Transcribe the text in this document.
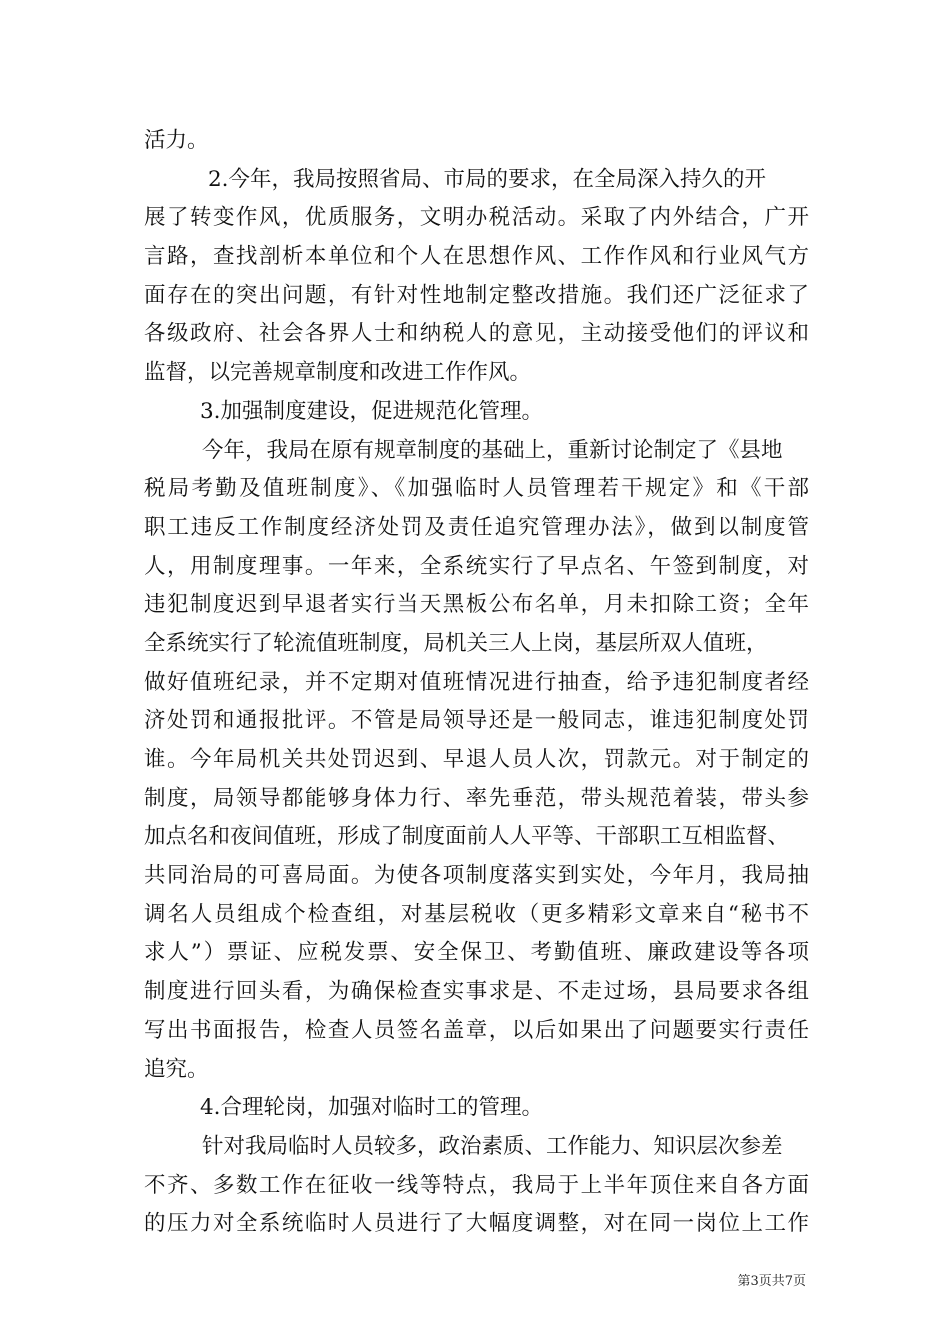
活力。
2.今年，我局按照省局、市局的要求，在全局深入持久的开
展了转变作风，优质服务，文明办税活动。采取了内外结合，广开
言路，查找剖析本单位和个人在思想作风、工作作风和行业风气方
面存在的突出问题，有针对性地制定整改措施。我们还广泛征求了
各级政府、社会各界人士和纳税人的意见，主动接受他们的评议和
监督，以完善规章制度和改进工作作风。
3.加强制度建设，促进规范化管理。
今年，我局在原有规章制度的基础上，重新讨论制定了《县地
税局考勤及值班制度》、《加强临时人员管理若干规定》和《干部
职工违反工作制度经济处罚及责任追究管理办法》，做到以制度管
人，用制度理事。一年来，全系统实行了早点名、午签到制度，对
违犯制度迟到早退者实行当天黑板公布名单，月未扣除工资；全年
全系统实行了轮流值班制度，局机关三人上岗，基层所双人值班，
做好值班纪录，并不定期对值班情况进行抽查，给予违犯制度者经
济处罚和通报批评。不管是局领导还是一般同志，谁违犯制度处罚
谁。今年局机关共处罚迟到、早退人员人次，罚款元。对于制定的
制度，局领导都能够身体力行、率先垂范，带头规范着装，带头参
加点名和夜间值班，形成了制度面前人人平等、干部职工互相监督、
共同治局的可喜局面。为使各项制度落实到实处，今年月，我局抽
调名人员组成个检查组，对基层税收（更多精彩文章来自“秘书不
求人”）票证、应税发票、安全保卫、考勤值班、廉政建设等各项
制度进行回头看，为确保检查实事求是、不走过场，县局要求各组
写出书面报告，检查人员签名盖章，以后如果出了问题要实行责任
追究。
4.合理轮岗，加强对临时工的管理。
针对我局临时人员较多，政治素质、工作能力、知识层次参差
不齐、多数工作在征收一线等特点，我局于上半年顶住来自各方面
的压力对全系统临时人员进行了大幅度调整，对在同一岗位上工作
第3页共7页
